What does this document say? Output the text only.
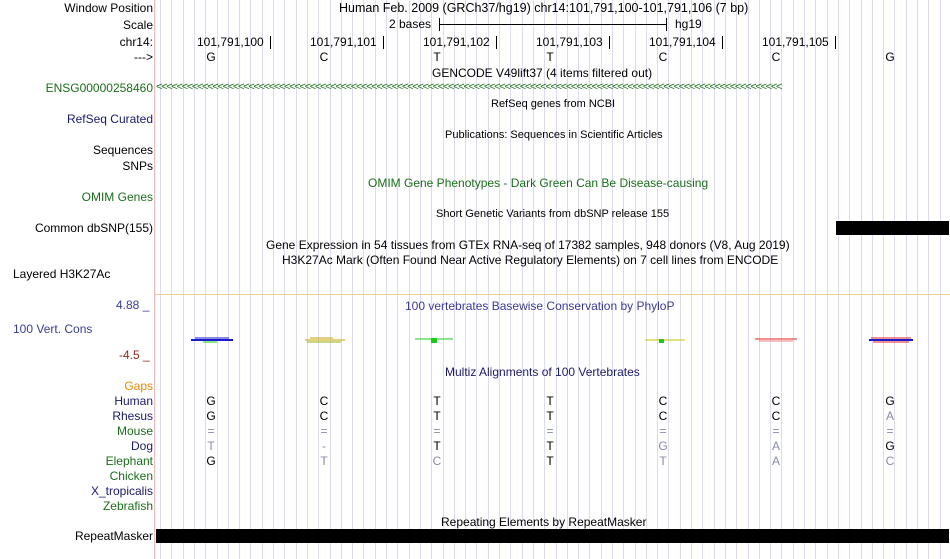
Window Position	Human Feb. 2009 (GRCh37/hg19) chr14:101,791,100-101,791,106 (7 bp)
Scale	2 bases	hg19
chr14:	101,791,100	101,791,101	101,791,102	101,791,103	101,791,104	101,791,105
--->	G	C	T	T	C	C	G
GENCODE V49lift37 (4 items filtered out)
ENSG00000258460 <<<<<<<<<<<<<<<<<<<<<<<<<<<<<<<<<<<<<<<<<<<<<<<<<<<<<<<<<<<<<<<<<<<<<<<<<<<<<<<<<<<<<<<<<<<<<<<<<<<<<<<<<<<<<<<<<<<<<<<<<<
RefSeq genes from NCBI
RefSeq Curated
Publications: Sequences in Scientific Articles
Sequences
SNPs
OMIM Gene Phenotypes - Dark Green Can Be Disease-causing
OMIM Genes
Short Genetic Variants from dbSNP release 155
Common dbSNP(155)
Gene Expression in 54 tissues from GTEx RNA-seq of 17382 samples, 948 donors (V8, Aug 2019)
H3K27Ac Mark (Often Found Near Active Regulatory Elements) on 7 cell lines from ENCODE
Layered H3K27Ac
4.88 _	100 vertebrates Basewise Conservation by PhyloP
100 Vert. Cons
-4.5 _
Multiz Alignments of 100 Vertebrates
Gaps
Human	G	C	T	T	C	C	G
Rhesus	G	C	T	T	C	C	A
Mouse	=	=	=	=	=	=	=
Dog	T	-	T	T	G	A	G
Elephant	G	T	C	T	T	A	C
Chicken
X_tropicalis
Zebrafish
Repeating Elements by RepeatMasker
RepeatMasker
